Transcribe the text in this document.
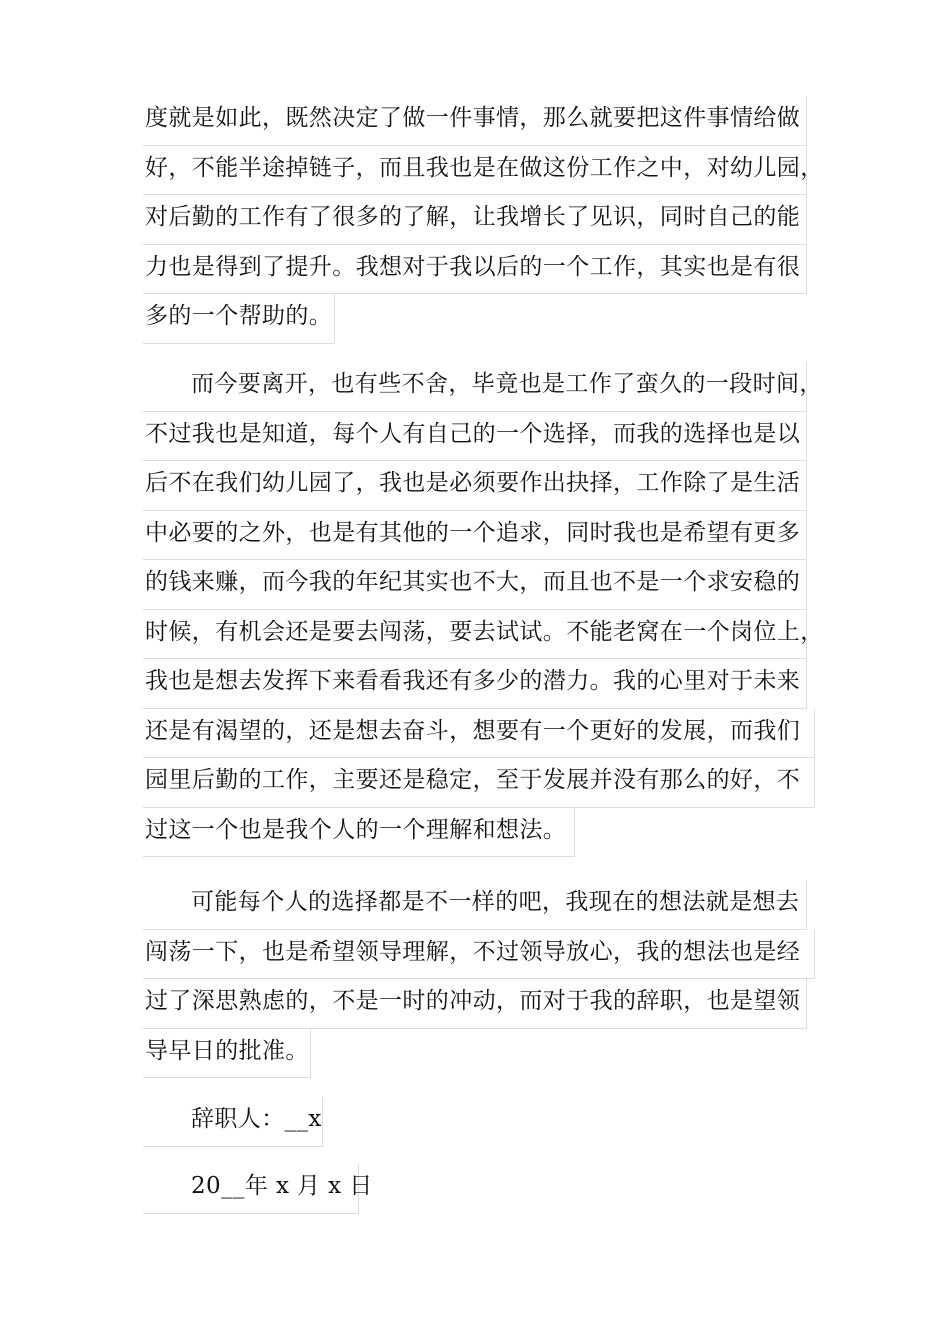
度就是如此，既然决定了做一件事情，那么就要把这件事情给做
好，不能半途掉链子，而且我也是在做这份工作之中，对幼儿园，
对后勤的工作有了很多的了解，让我增长了见识，同时自己的能
力也是得到了提升。我想对于我以后的一个工作，其实也是有很
多的一个帮助的。
而今要离开，也有些不舍，毕竟也是工作了蛮久的一段时间，
不过我也是知道，每个人有自己的一个选择，而我的选择也是以
后不在我们幼儿园了，我也是必须要作出抉择，工作除了是生活
中必要的之外，也是有其他的一个追求，同时我也是希望有更多
的钱来赚，而今我的年纪其实也不大，而且也不是一个求安稳的
时候，有机会还是要去闯荡，要去试试。不能老窝在一个岗位上，
我也是想去发挥下来看看我还有多少的潜力。我的心里对于未来
还是有渴望的，还是想去奋斗，想要有一个更好的发展，而我们
园里后勤的工作，主要还是稳定，至于发展并没有那么的好，不
过这一个也是我个人的一个理解和想法。
可能每个人的选择都是不一样的吧，我现在的想法就是想去
闯荡一下，也是希望领导理解，不过领导放心，我的想法也是经
过了深思熟虑的，不是一时的冲动，而对于我的辞职，也是望领
导早日的批准。
辞职人：__x
20__年 x 月 x 日
